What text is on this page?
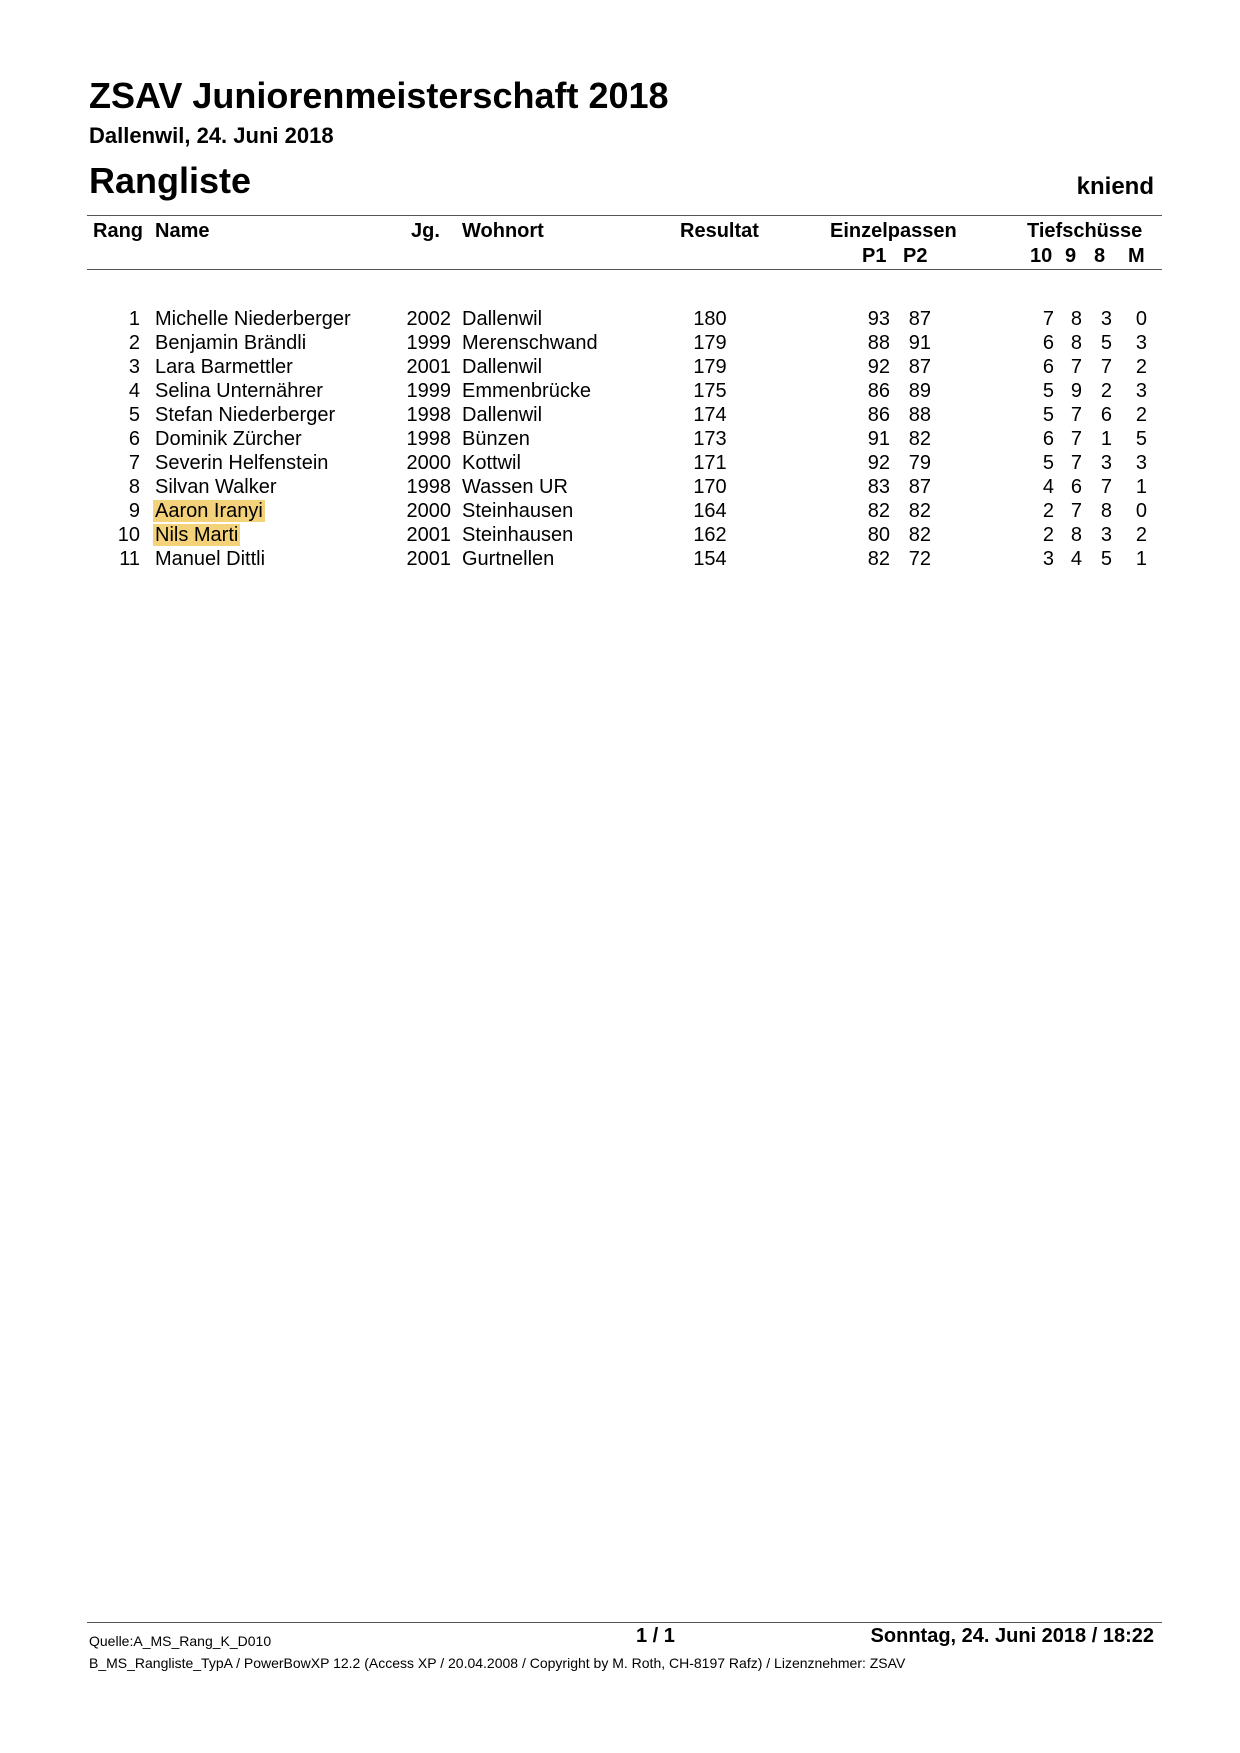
ZSAV Juniorenmeisterschaft 2018
Dallenwil, 24. Juni 2018
Rangliste	kniend
Rang Name	Jg. Wohnort	Resultat	Einzelpassen	Tiefschüsse
P1 P2	10 9 8 M
1 Michelle Niederberger	2002 Dallenwil	180	93 87	7 8 3	0
2 Benjamin Brändli	1999 Merenschwand	179	88 91	6 8 5	3
3 Lara Barmettler	2001 Dallenwil	179	92 87	6 7 7	2
4 Selina Unternährer	1999 Emmenbrücke	175	86 89	5 9 2	3
5 Stefan Niederberger	1998 Dallenwil	174	86 88	5 7 6	2
6 Dominik Zürcher	1998 Bünzen	173	91 82	6 7 1	5
7 Severin Helfenstein	2000 Kottwil	171	92 79	5 7 3	3
8 Silvan Walker	1998 Wassen UR	170	83 87	4 6 7	1
9 Aaron Iranyi	2000 Steinhausen	164	82 82	2 7 8	0
10 Nils Marti	2001 Steinhausen	162	80 82	2 8 3	2
11 Manuel Dittli	2001 Gurtnellen	154	82 72	3 4 5	1
Quelle:A_MS_Rang_K_D010	1 / 1	Sonntag, 24. Juni 2018 / 18:22
B_MS_Rangliste_TypA / PowerBowXP 12.2 (Access XP / 20.04.2008 / Copyright by M. Roth, CH-8197 Rafz) / Lizenznehmer: ZSAV
